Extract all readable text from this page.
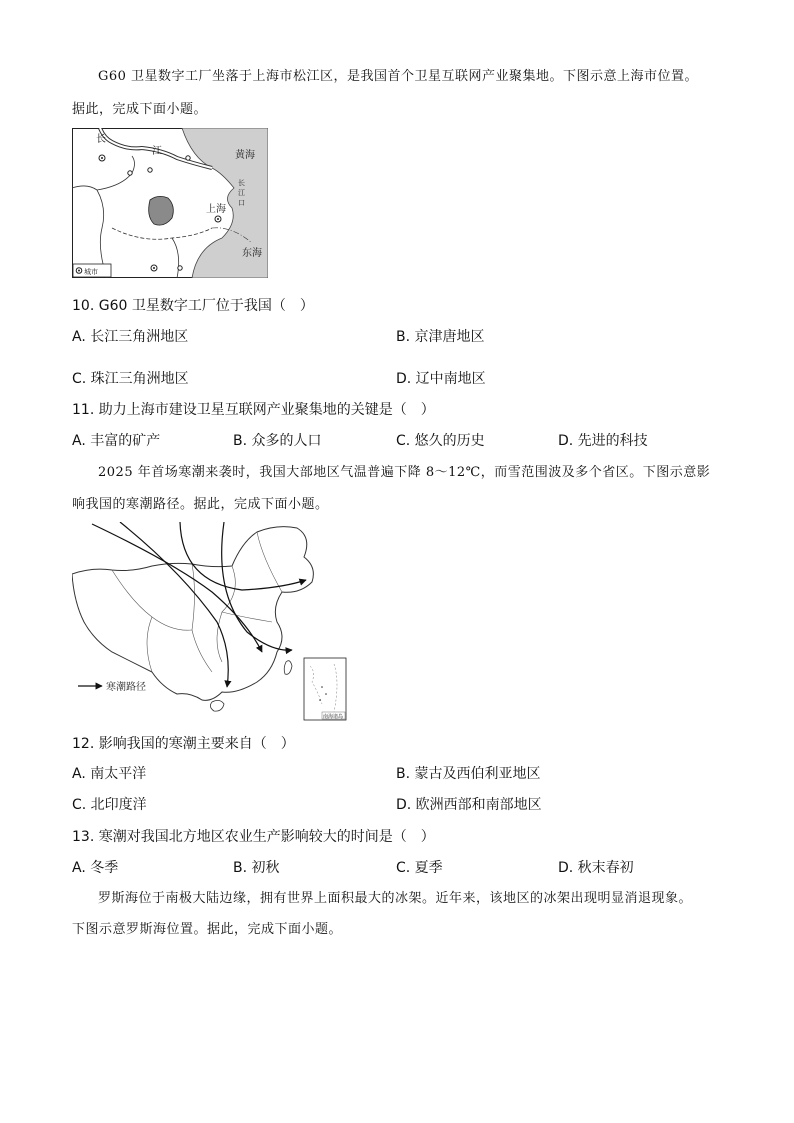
G60 卫星数字工厂坐落于上海市松江区，是我国首个卫星互联网产业聚集地。下图示意上海市位置。
据此，完成下面小题。
长
江	黄海
长
江
口
上海
东海
城市
10. G60 卫星数字工厂位于我国（　）
A. 长江三角洲地区	B. 京津唐地区
C. 珠江三角洲地区	D. 辽中南地区
11. 助力上海市建设卫星互联网产业聚集地的关键是（　）
A. 丰富的矿产	B. 众多的人口	C. 悠久的历史	D. 先进的科技
2025 年首场寒潮来袭时，我国大部地区气温普遍下降 8～12℃，而雪范围波及多个省区。下图示意影
响我国的寒潮路径。据此，完成下面小题。
寒潮路径
南海诸岛
12. 影响我国的寒潮主要来自（　）
A. 南太平洋	B. 蒙古及西伯利亚地区
C. 北印度洋	D. 欧洲西部和南部地区
13. 寒潮对我国北方地区农业生产影响较大的时间是（　）
A. 冬季	B. 初秋	C. 夏季	D. 秋末春初
罗斯海位于南极大陆边缘，拥有世界上面积最大的冰架。近年来，该地区的冰架出现明显消退现象。
下图示意罗斯海位置。据此，完成下面小题。
